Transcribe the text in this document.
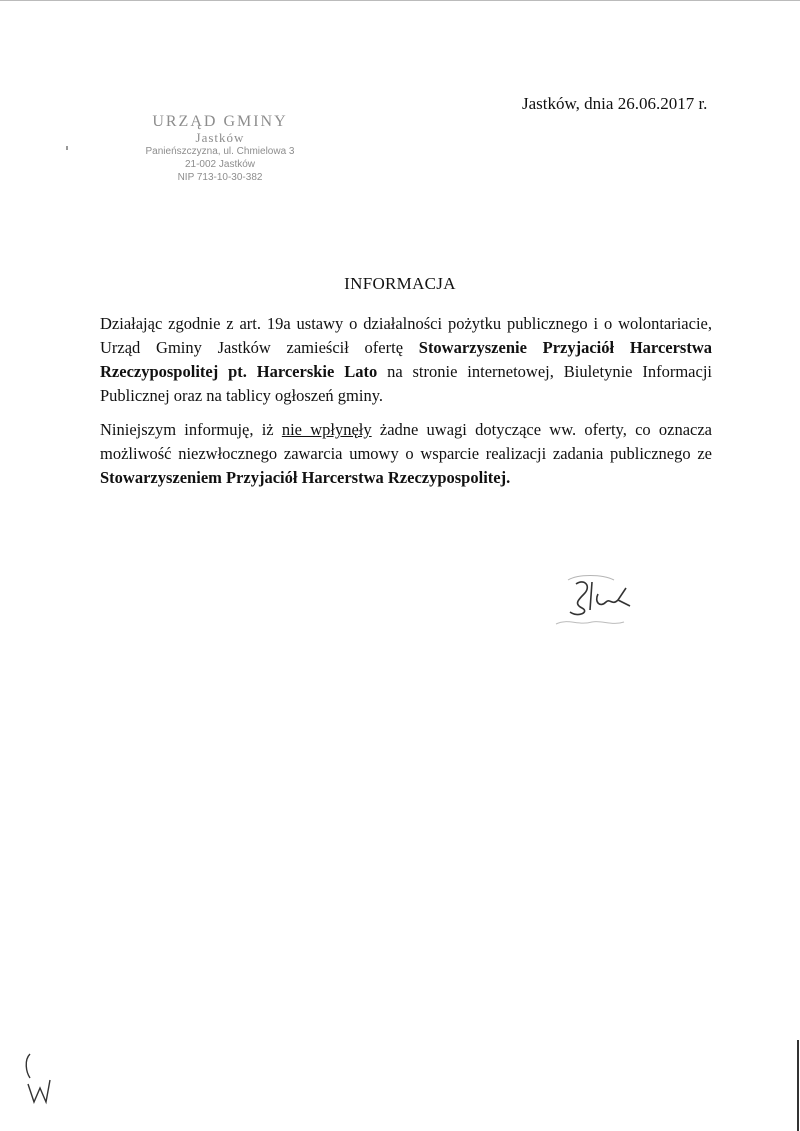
URZĄD GMINY
Jastków
Panieńszczyzna, ul. Chmielowa 3
21-002 Jastków
NIP 713-10-30-382
Jastków, dnia 26.06.2017 r.
INFORMACJA
Działając zgodnie z art. 19a ustawy o działalności pożytku publicznego i o wolontariacie, Urząd Gminy Jastków zamieścił ofertę Stowarzyszenie Przyjaciół Harcerstwa Rzeczypospolitej pt. Harcerskie Lato na stronie internetowej, Biuletynie Informacji Publicznej oraz na tablicy ogłoszeń gminy.
Niniejszym informuję, iż nie wpłynęły żadne uwagi dotyczące ww. oferty, co oznacza możliwość niezwłocznego zawarcia umowy o wsparcie realizacji zadania publicznego ze Stowarzyszeniem Przyjaciół Harcerstwa Rzeczypospolitej.
